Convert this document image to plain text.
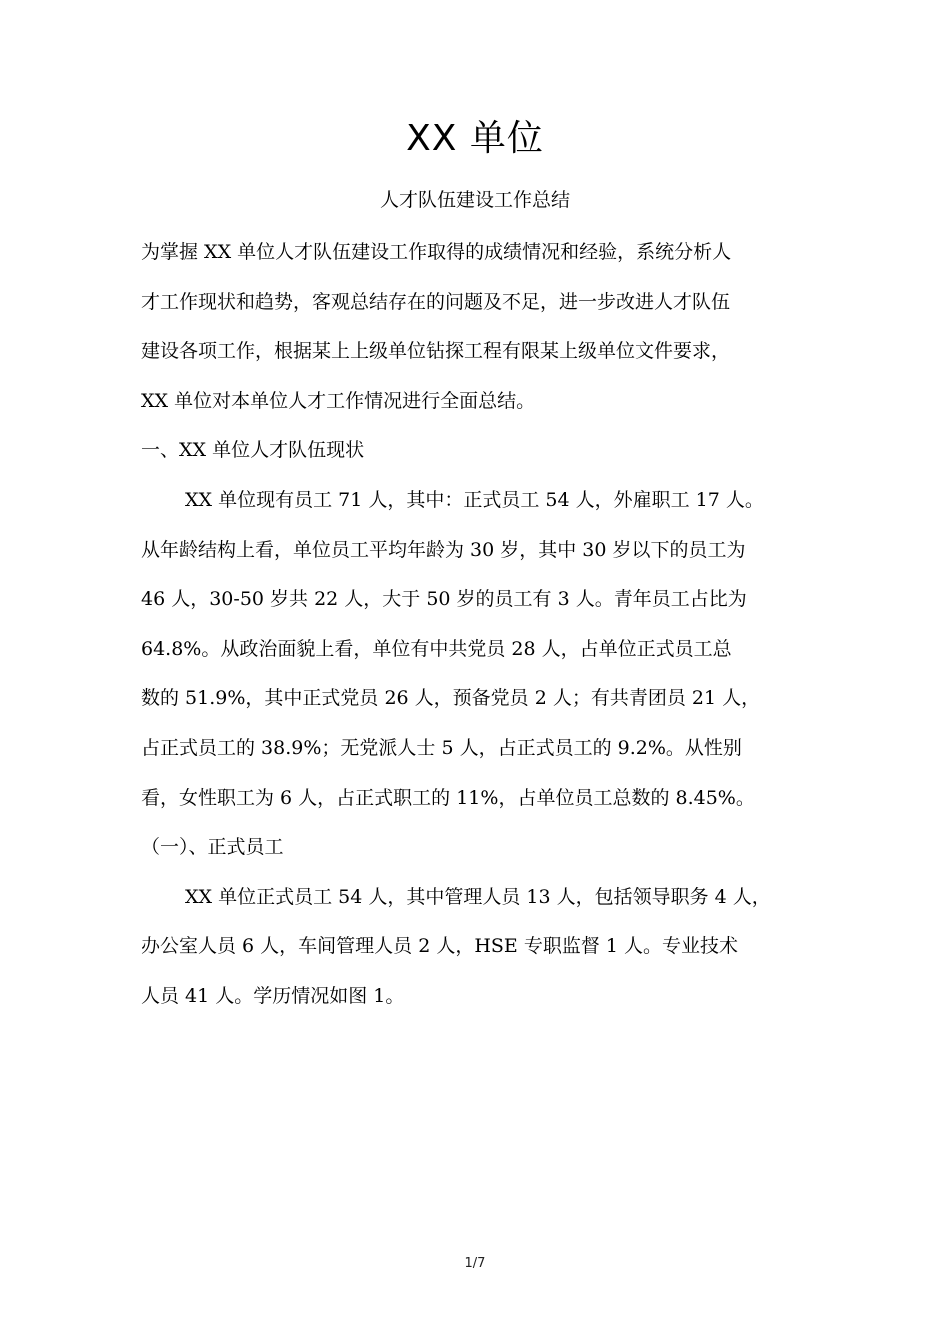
XX 单位
人才队伍建设工作总结
为掌握 XX 单位人才队伍建设工作取得的成绩情况和经验，系统分析人
才工作现状和趋势，客观总结存在的问题及不足，进一步改进人才队伍
建设各项工作，根据某上上级单位钻探工程有限某上级单位文件要求，
XX 单位对本单位人才工作情况进行全面总结。
一、XX 单位人才队伍现状
XX 单位现有员工 71 人，其中：正式员工 54 人，外雇职工 17 人。
从年龄结构上看，单位员工平均年龄为 30 岁，其中 30 岁以下的员工为
46 人，30-50 岁共 22 人，大于 50 岁的员工有 3 人。青年员工占比为
64.8%。从政治面貌上看，单位有中共党员 28 人，占单位正式员工总
数的 51.9%，其中正式党员 26 人，预备党员 2 人；有共青团员 21 人，
占正式员工的 38.9%；无党派人士 5 人，占正式员工的 9.2%。从性别
看，女性职工为 6 人，占正式职工的 11%，占单位员工总数的 8.45%。
（一）、正式员工
XX 单位正式员工 54 人，其中管理人员 13 人，包括领导职务 4 人，
办公室人员 6 人，车间管理人员 2 人，HSE 专职监督 1 人。专业技术
人员 41 人。学历情况如图 1。
1/7
